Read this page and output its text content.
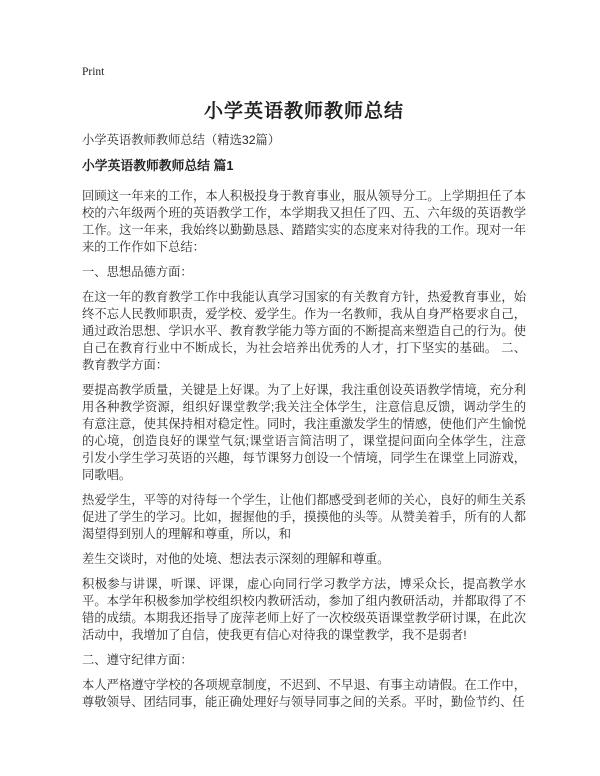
Print
小学英语教师教师总结
小学英语教师教师总结（精选32篇）
小学英语教师教师总结 篇1

回顾这一年来的工作，本人积极投身于教育事业，服从领导分工。上学期担任了本校的六年级两个班的英语教学工作，本学期我又担任了四、五、六年级的英语教学工作。这一年来，我始终以勤勤恳恳、踏踏实实的态度来对待我的工作。现对一年来的工作作如下总结：

一、思想品德方面：

在这一年的教育教学工作中我能认真学习国家的有关教育方针，热爱教育事业，始终不忘人民教师职责，爱学校、爱学生。作为一名教师，我从自身严格要求自己，通过政治思想、学识水平、教育教学能力等方面的不断提高来塑造自己的行为。使自己在教育行业中不断成长，为社会培养出优秀的人才，打下坚实的基础。 二、教育教学方面：

要提高教学质量，关键是上好课。为了上好课，我注重创设英语教学情境，充分利用各种教学资源，组织好课堂教学;我关注全体学生，注意信息反馈，调动学生的有意注意，使其保持相对稳定性。同时，我注重激发学生的情感，使他们产生愉悦的心境，创造良好的课堂气氛;课堂语言简洁明了，课堂提问面向全体学生，注意引发小学生学习英语的兴趣，每节课努力创设一个情境，同学生在课堂上同游戏，同歌唱。

热爱学生，平等的对待每一个学生，让他们都感受到老师的关心，良好的师生关系促进了学生的学习。比如，握握他的手，摸摸他的头等。从赞美着手，所有的人都渴望得到别人的理解和尊重，所以，和

差生交谈时，对他的处境、想法表示深刻的理解和尊重。

积极参与讲课，听课、评课，虚心向同行学习教学方法，博采众长，提高教学水平。本学年积极参加学校组织校内教研活动，参加了组内教研活动，并都取得了不错的成绩。本期我还指导了庞萍老师上好了一次校级英语课堂教学研讨课，在此次活动中，我增加了自信，使我更有信心对待我的课堂教学，我不是弱者!

二、遵守纪律方面：

本人严格遵守学校的各项规章制度，不迟到、不早退、有事主动请假。在工作中，尊敬领导、团结同事，能正确处理好与领导同事之间的关系。平时，勤俭节约、任
